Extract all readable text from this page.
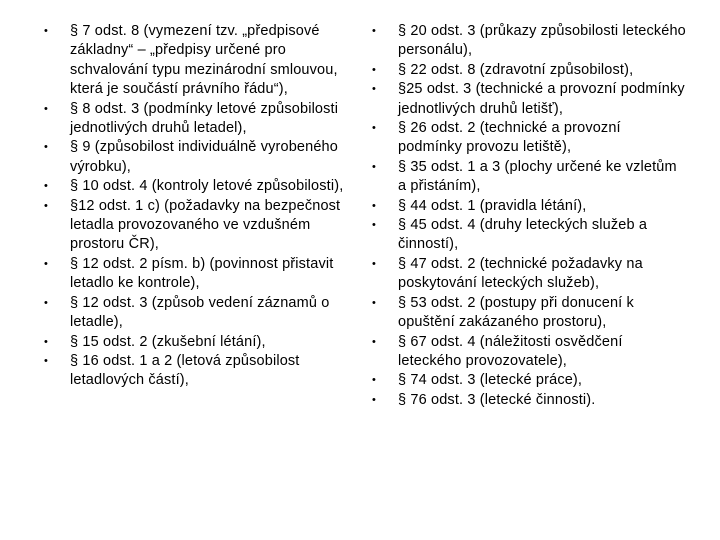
• § 7 odst. 8 (vymezení tzv. „předpisové základny“ – „předpisy určené pro schvalování typu mezinárodní smlouvou, která je součástí právního řádu“),
• § 8 odst. 3 (podmínky letové způsobilosti jednotlivých druhů letadel),
• § 9 (způsobilost individuálně vyrobeného výrobku),
• § 10 odst. 4 (kontroly letové způsobilosti),
• §12 odst. 1 c) (požadavky na bezpečnost letadla provozovaného ve vzdušném prostoru ČR),
• § 12 odst. 2 písm. b) (povinnost přistavit letadlo ke kontrole),
• § 12 odst. 3 (způsob vedení záznamů o letadle),
• § 15 odst. 2 (zkušební létání),
• § 16 odst. 1 a 2 (letová způsobilost letadlových částí),
• § 20 odst. 3 (průkazy způsobilosti leteckého personálu),
• § 22 odst. 8 (zdravotní způsobilost),
• §25 odst. 3 (technické a provozní podmínky jednotlivých druhů letišť),
• § 26 odst. 2 (technické a provozní podmínky provozu letiště),
• § 35 odst. 1 a 3 (plochy určené ke vzletům a přistáním),
• § 44 odst. 1 (pravidla létání),
• § 45 odst. 4 (druhy leteckých služeb a činností),
• § 47 odst. 2 (technické požadavky na poskytování leteckých služeb),
• § 53 odst. 2 (postupy při donucení k opuštění zakázaného prostoru),
• § 67 odst. 4 (náležitosti osvědčení leteckého provozovatele),
• § 74 odst. 3 (letecké práce),
• § 76 odst. 3 (letecké činnosti).
